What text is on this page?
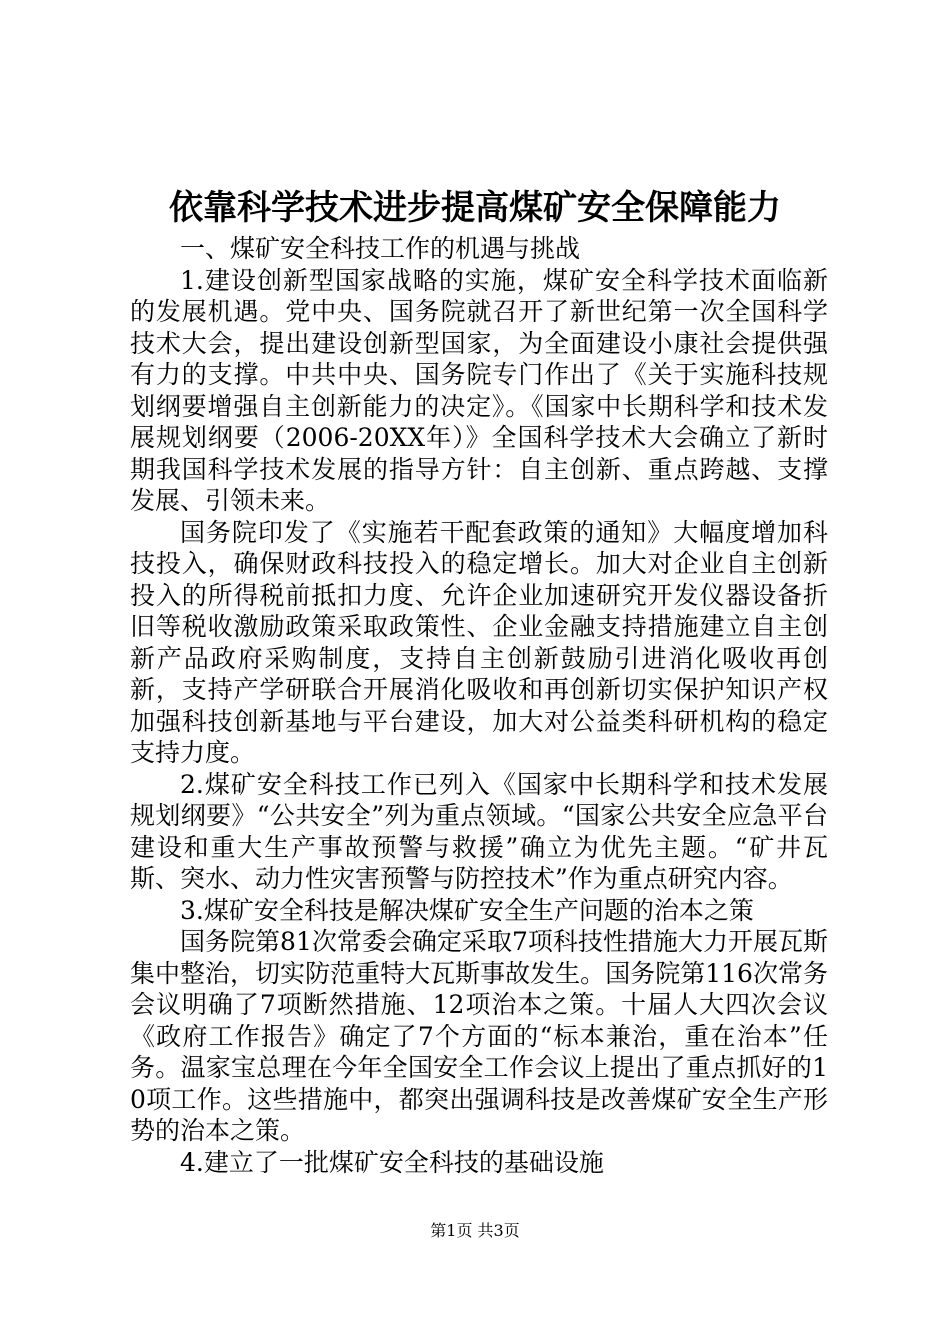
依靠科学技术进步提高煤矿安全保障能力

一、煤矿安全科技工作的机遇与挑战

1.建设创新型国家战略的实施，煤矿安全科学技术面临新的发展机遇。党中央、国务院就召开了新世纪第一次全国科学技术大会，提出建设创新型国家，为全面建设小康社会提供强有力的支撑。中共中央、国务院专门作出了《关于实施科技规划纲要增强自主创新能力的决定》。《国家中长期科学和技术发展规划纲要（2006-20XX年）》全国科学技术大会确立了新时期我国科学技术发展的指导方针：自主创新、重点跨越、支撑发展、引领未来。

国务院印发了《实施若干配套政策的通知》大幅度增加科技投入，确保财政科技投入的稳定增长。加大对企业自主创新投入的所得税前抵扣力度、允许企业加速研究开发仪器设备折旧等税收激励政策采取政策性、企业金融支持措施建立自主创新产品政府采购制度，支持自主创新鼓励引进消化吸收再创新，支持产学研联合开展消化吸收和再创新切实保护知识产权加强科技创新基地与平台建设，加大对公益类科研机构的稳定支持力度。

2.煤矿安全科技工作已列入《国家中长期科学和技术发展规划纲要》“公共安全”列为重点领域。“国家公共安全应急平台建设和重大生产事故预警与救援”确立为优先主题。“矿井瓦斯、突水、动力性灾害预警与防控技术”作为重点研究内容。

3.煤矿安全科技是解决煤矿安全生产问题的治本之策

国务院第81次常委会确定采取7项科技性措施大力开展瓦斯集中整治，切实防范重特大瓦斯事故发生。国务院第116次常务会议明确了7项断然措施、12项治本之策。十届人大四次会议《政府工作报告》确定了7个方面的“标本兼治，重在治本”任务。温家宝总理在今年全国安全工作会议上提出了重点抓好的10项工作。这些措施中，都突出强调科技是改善煤矿安全生产形势的治本之策。

4.建立了一批煤矿安全科技的基础设施

第1页 共3页
